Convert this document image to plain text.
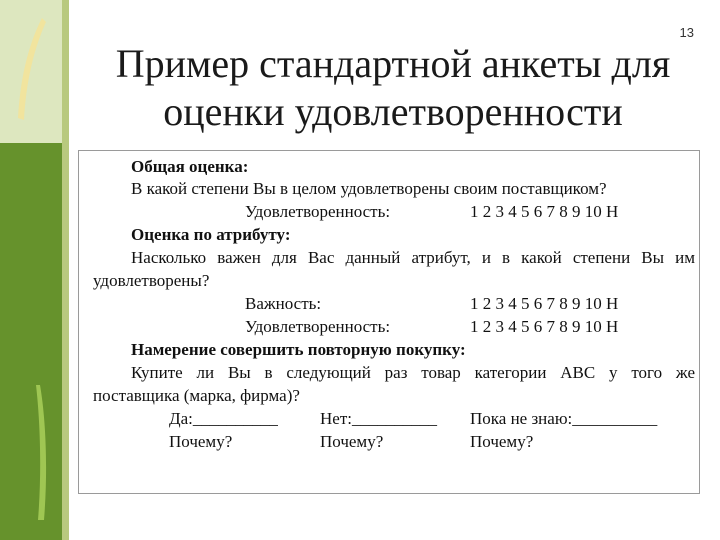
13
Пример стандартной анкеты для
оценки удовлетворенности
Общая оценка:
В какой степени Вы в целом удовлетворены своим поставщиком?
Удовлетворенность:	1 2 3 4 5 6 7 8 9 10 Н
Оценка по атрибуту:
Насколько важен для Вас данный атрибут, и в какой степени Вы им
удовлетворены?
Важность:	1 2 3 4 5 6 7 8 9 10 Н
Удовлетворенность:	1 2 3 4 5 6 7 8 9 10 Н
Намерение совершить повторную покупку:
Купите ли Вы в следующий раз товар категории АВС у того же
поставщика (марка, фирма)?
Да:__________ Нет:__________ Пока не знаю:__________
Почему?	Почему?	Почему?
